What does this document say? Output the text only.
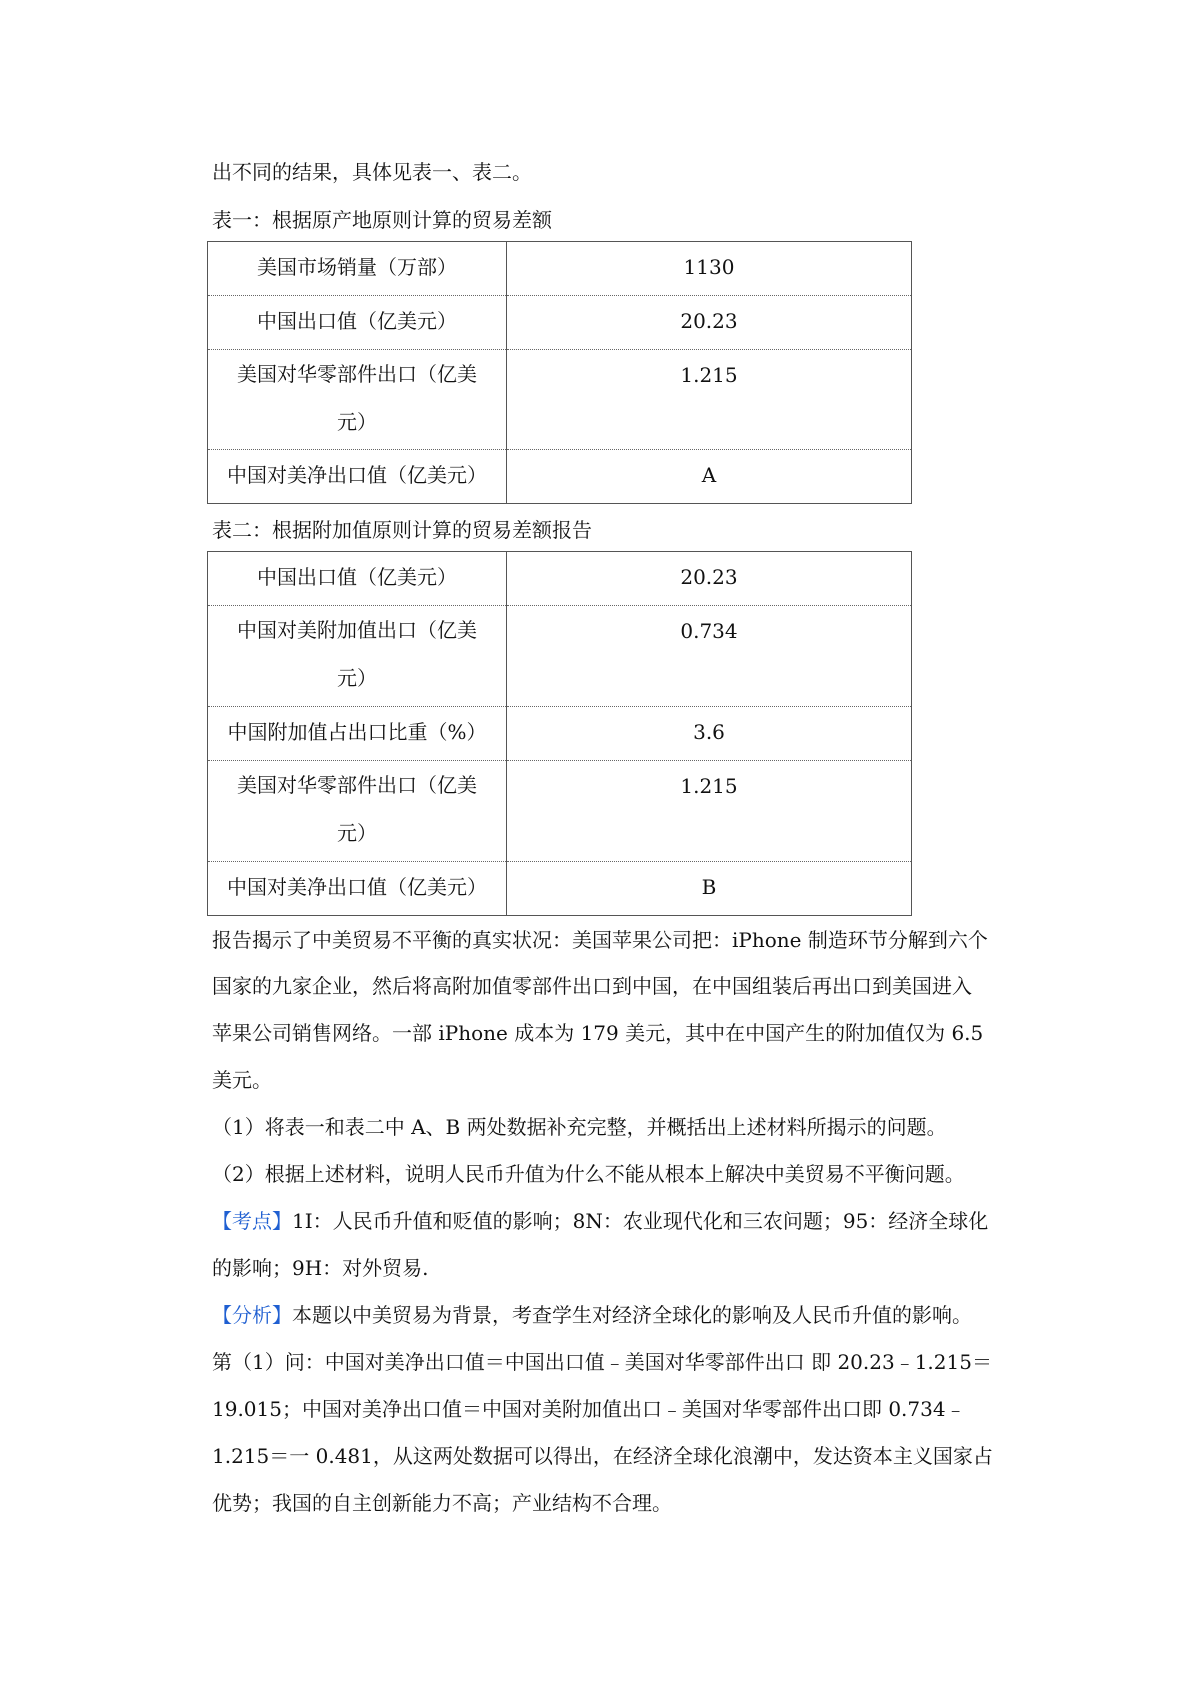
出不同的结果，具体见表一、表二。
表一：根据原产地原则计算的贸易差额
美国市场销量（万部）	1130

中国出口值（亿美元）	20.23

美国对华零部件出口（亿美
元）	1.215

中国对美净出口值（亿美元）	A
表二：根据附加值原则计算的贸易差额报告
中国出口值（亿美元）	20.23

中国对美附加值出口（亿美
元）	0.734

中国附加值占出口比重（%）	3.6

美国对华零部件出口（亿美
元）	1.215

中国对美净出口值（亿美元）	B
报告揭示了中美贸易不平衡的真实状况：美国苹果公司把：iPhone 制造环节分解到六个
国家的九家企业，然后将高附加值零部件出口到中国，在中国组装后再出口到美国进入
苹果公司销售网络。一部 iPhone 成本为 179 美元，其中在中国产生的附加值仅为 6.5
美元。
（1）将表一和表二中 A、B 两处数据补充完整，并概括出上述材料所揭示的问题。
（2）根据上述材料，说明人民币升值为什么不能从根本上解决中美贸易不平衡问题。
【考点】1I：人民币升值和贬值的影响；8N：农业现代化和三农问题；95：经济全球化
的影响；9H：对外贸易.
【分析】本题以中美贸易为背景，考查学生对经济全球化的影响及人民币升值的影响。
第（1）问：中国对美净出口值＝中国出口值﹣美国对华零部件出口 即 20.23﹣1.215＝
19.015；中国对美净出口值＝中国对美附加值出口﹣美国对华零部件出口即 0.734﹣
1.215＝一 0.481，从这两处数据可以得出，在经济全球化浪潮中，发达资本主义国家占
优势；我国的自主创新能力不高；产业结构不合理。
